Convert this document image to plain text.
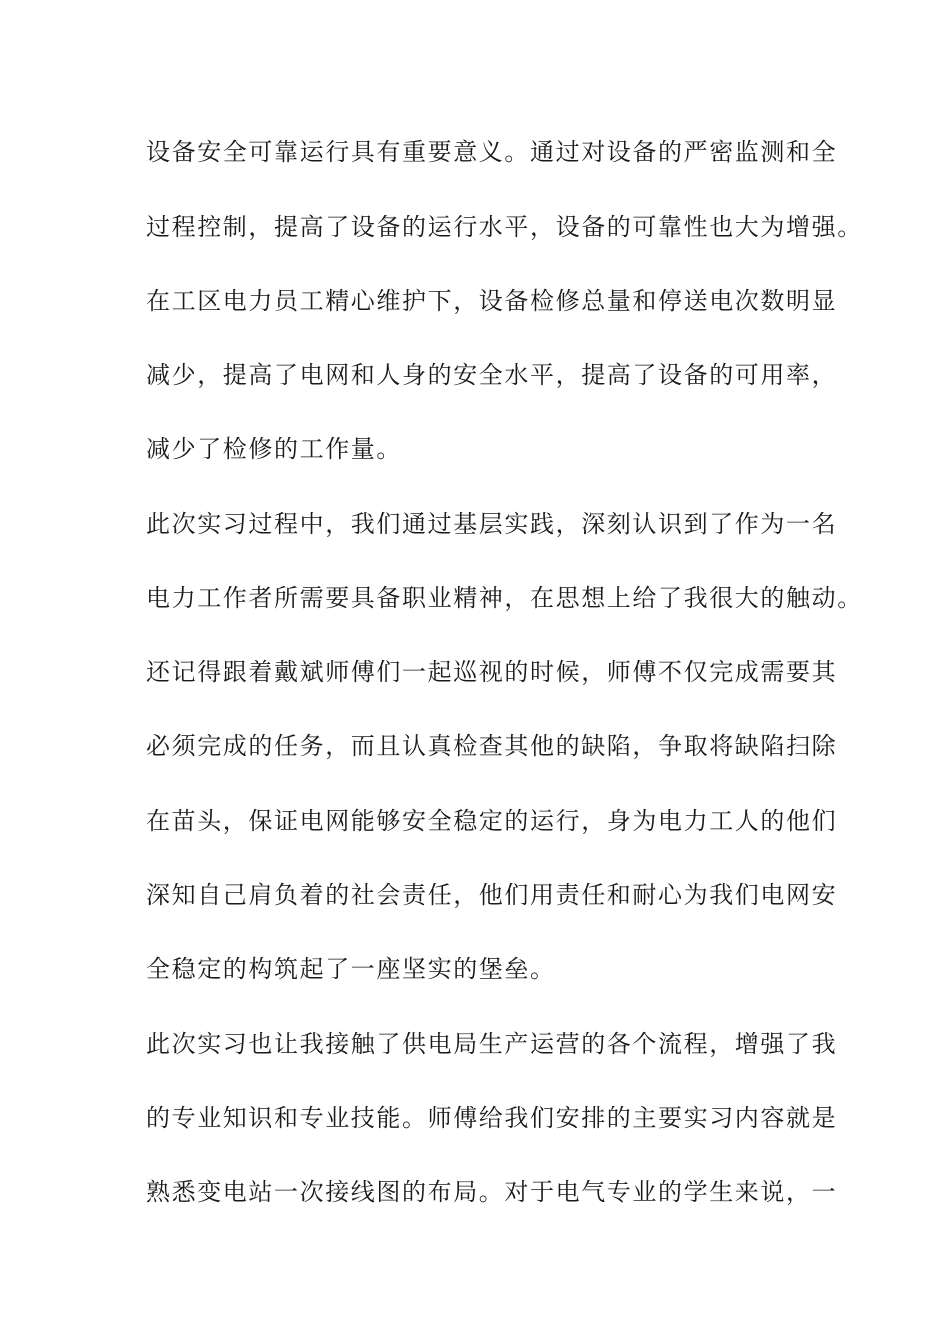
设备安全可靠运行具有重要意义。通过对设备的严密监测和全
过程控制，提高了设备的运行水平，设备的可靠性也大为增强。
在工区电力员工精心维护下，设备检修总量和停送电次数明显
减少，提高了电网和人身的安全水平，提高了设备的可用率，
减少了检修的工作量。
此次实习过程中，我们通过基层实践，深刻认识到了作为一名
电力工作者所需要具备职业精神，在思想上给了我很大的触动。
还记得跟着戴斌师傅们一起巡视的时候，师傅不仅完成需要其
必须完成的任务，而且认真检查其他的缺陷，争取将缺陷扫除
在苗头，保证电网能够安全稳定的运行，身为电力工人的他们
深知自己肩负着的社会责任，他们用责任和耐心为我们电网安
全稳定的构筑起了一座坚实的堡垒。
此次实习也让我接触了供电局生产运营的各个流程，增强了我
的专业知识和专业技能。师傅给我们安排的主要实习内容就是
熟悉变电站一次接线图的布局。对于电气专业的学生来说，一
